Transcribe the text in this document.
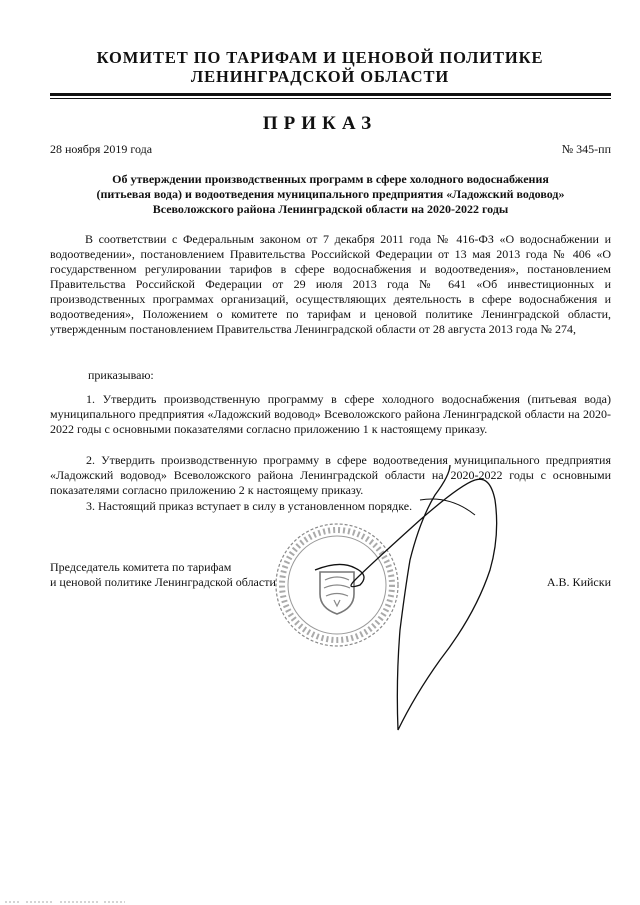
КОМИТЕТ ПО ТАРИФАМ И ЦЕНОВОЙ ПОЛИТИКЕ
ЛЕНИНГРАДСКОЙ ОБЛАСТИ
ПРИКАЗ
28 ноября 2019 года	№ 345-пп
Об утверждении производственных программ в сфере холодного водоснабжения
(питьевая вода) и водоотведения муниципального предприятия «Ладожский водовод»
Всеволожского района Ленинградской области на 2020-2022 годы
В соответствии с Федеральным законом от 7 декабря 2011 года № 416-ФЗ «О водоснабжении и водоотведении», постановлением Правительства Российской Федерации от 13 мая 2013 года № 406 «О государственном регулировании тарифов в сфере водоснабжения и водоотведения», постановлением Правительства Российской Федерации от 29 июля 2013 года № 641 «Об инвестиционных и производственных программах организаций, осуществляющих деятельность в сфере водоснабжения и водоотведения», Положением о комитете по тарифам и ценовой политике Ленинградской области, утвержденным постановлением Правительства Ленинградской области от 28 августа 2013 года № 274,
приказываю:
1. Утвердить производственную программу в сфере холодного водоснабжения (питьевая вода) муниципального предприятия «Ладожский водовод» Всеволожского района Ленинградской области на 2020-2022 годы с основными показателями согласно приложению 1 к настоящему приказу.
2. Утвердить производственную программу в сфере водоотведения муниципального предприятия «Ладожский водовод» Всеволожского района Ленинградской области на 2020-2022 годы с основными показателями согласно приложению 2 к настоящему приказу.
3. Настоящий приказ вступает в силу в установленном порядке.
Председатель комитета по тарифам
и ценовой политике Ленинградской области	А.В. Кийски
